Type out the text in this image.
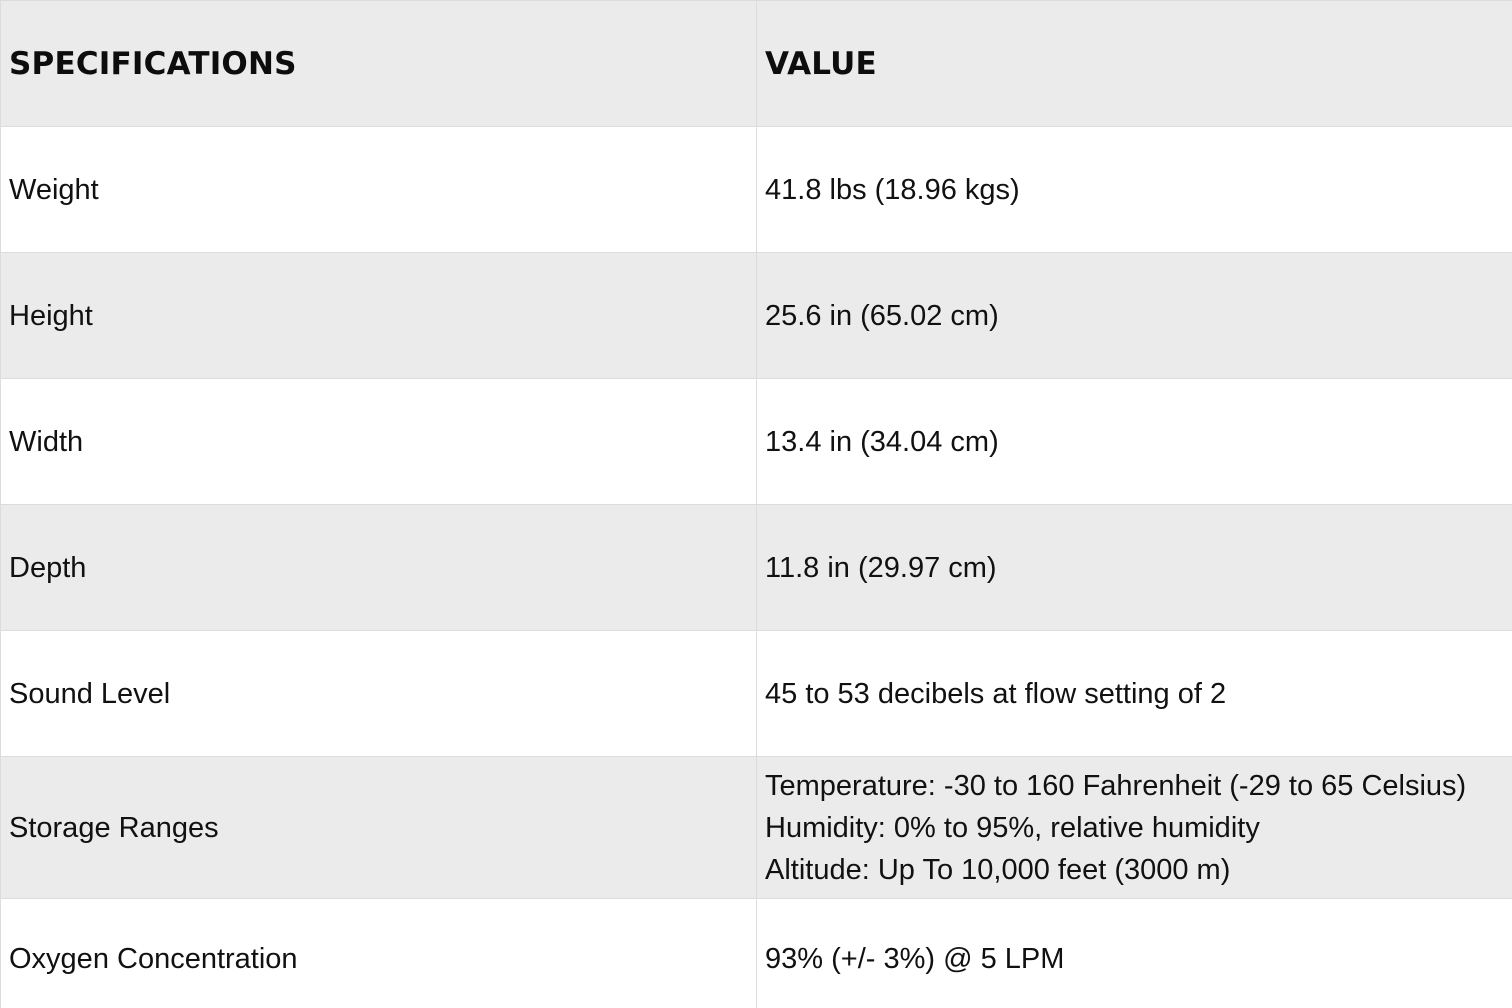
SPECIFICATIONS	VALUE
Weight	41.8 lbs (18.96 kgs)
Height	25.6 in (65.02 cm)
Width	13.4 in (34.04 cm)
Depth	11.8 in (29.97 cm)
Sound Level	45 to 53 decibels at flow setting of 2
Storage Ranges	Temperature: -30 to 160 Fahrenheit (-29 to 65 Celsius)
Humidity: 0% to 95%, relative humidity
Altitude: Up To 10,000 feet (3000 m)

Oxygen Concentration	93% (+/- 3%) @ 5 LPM
